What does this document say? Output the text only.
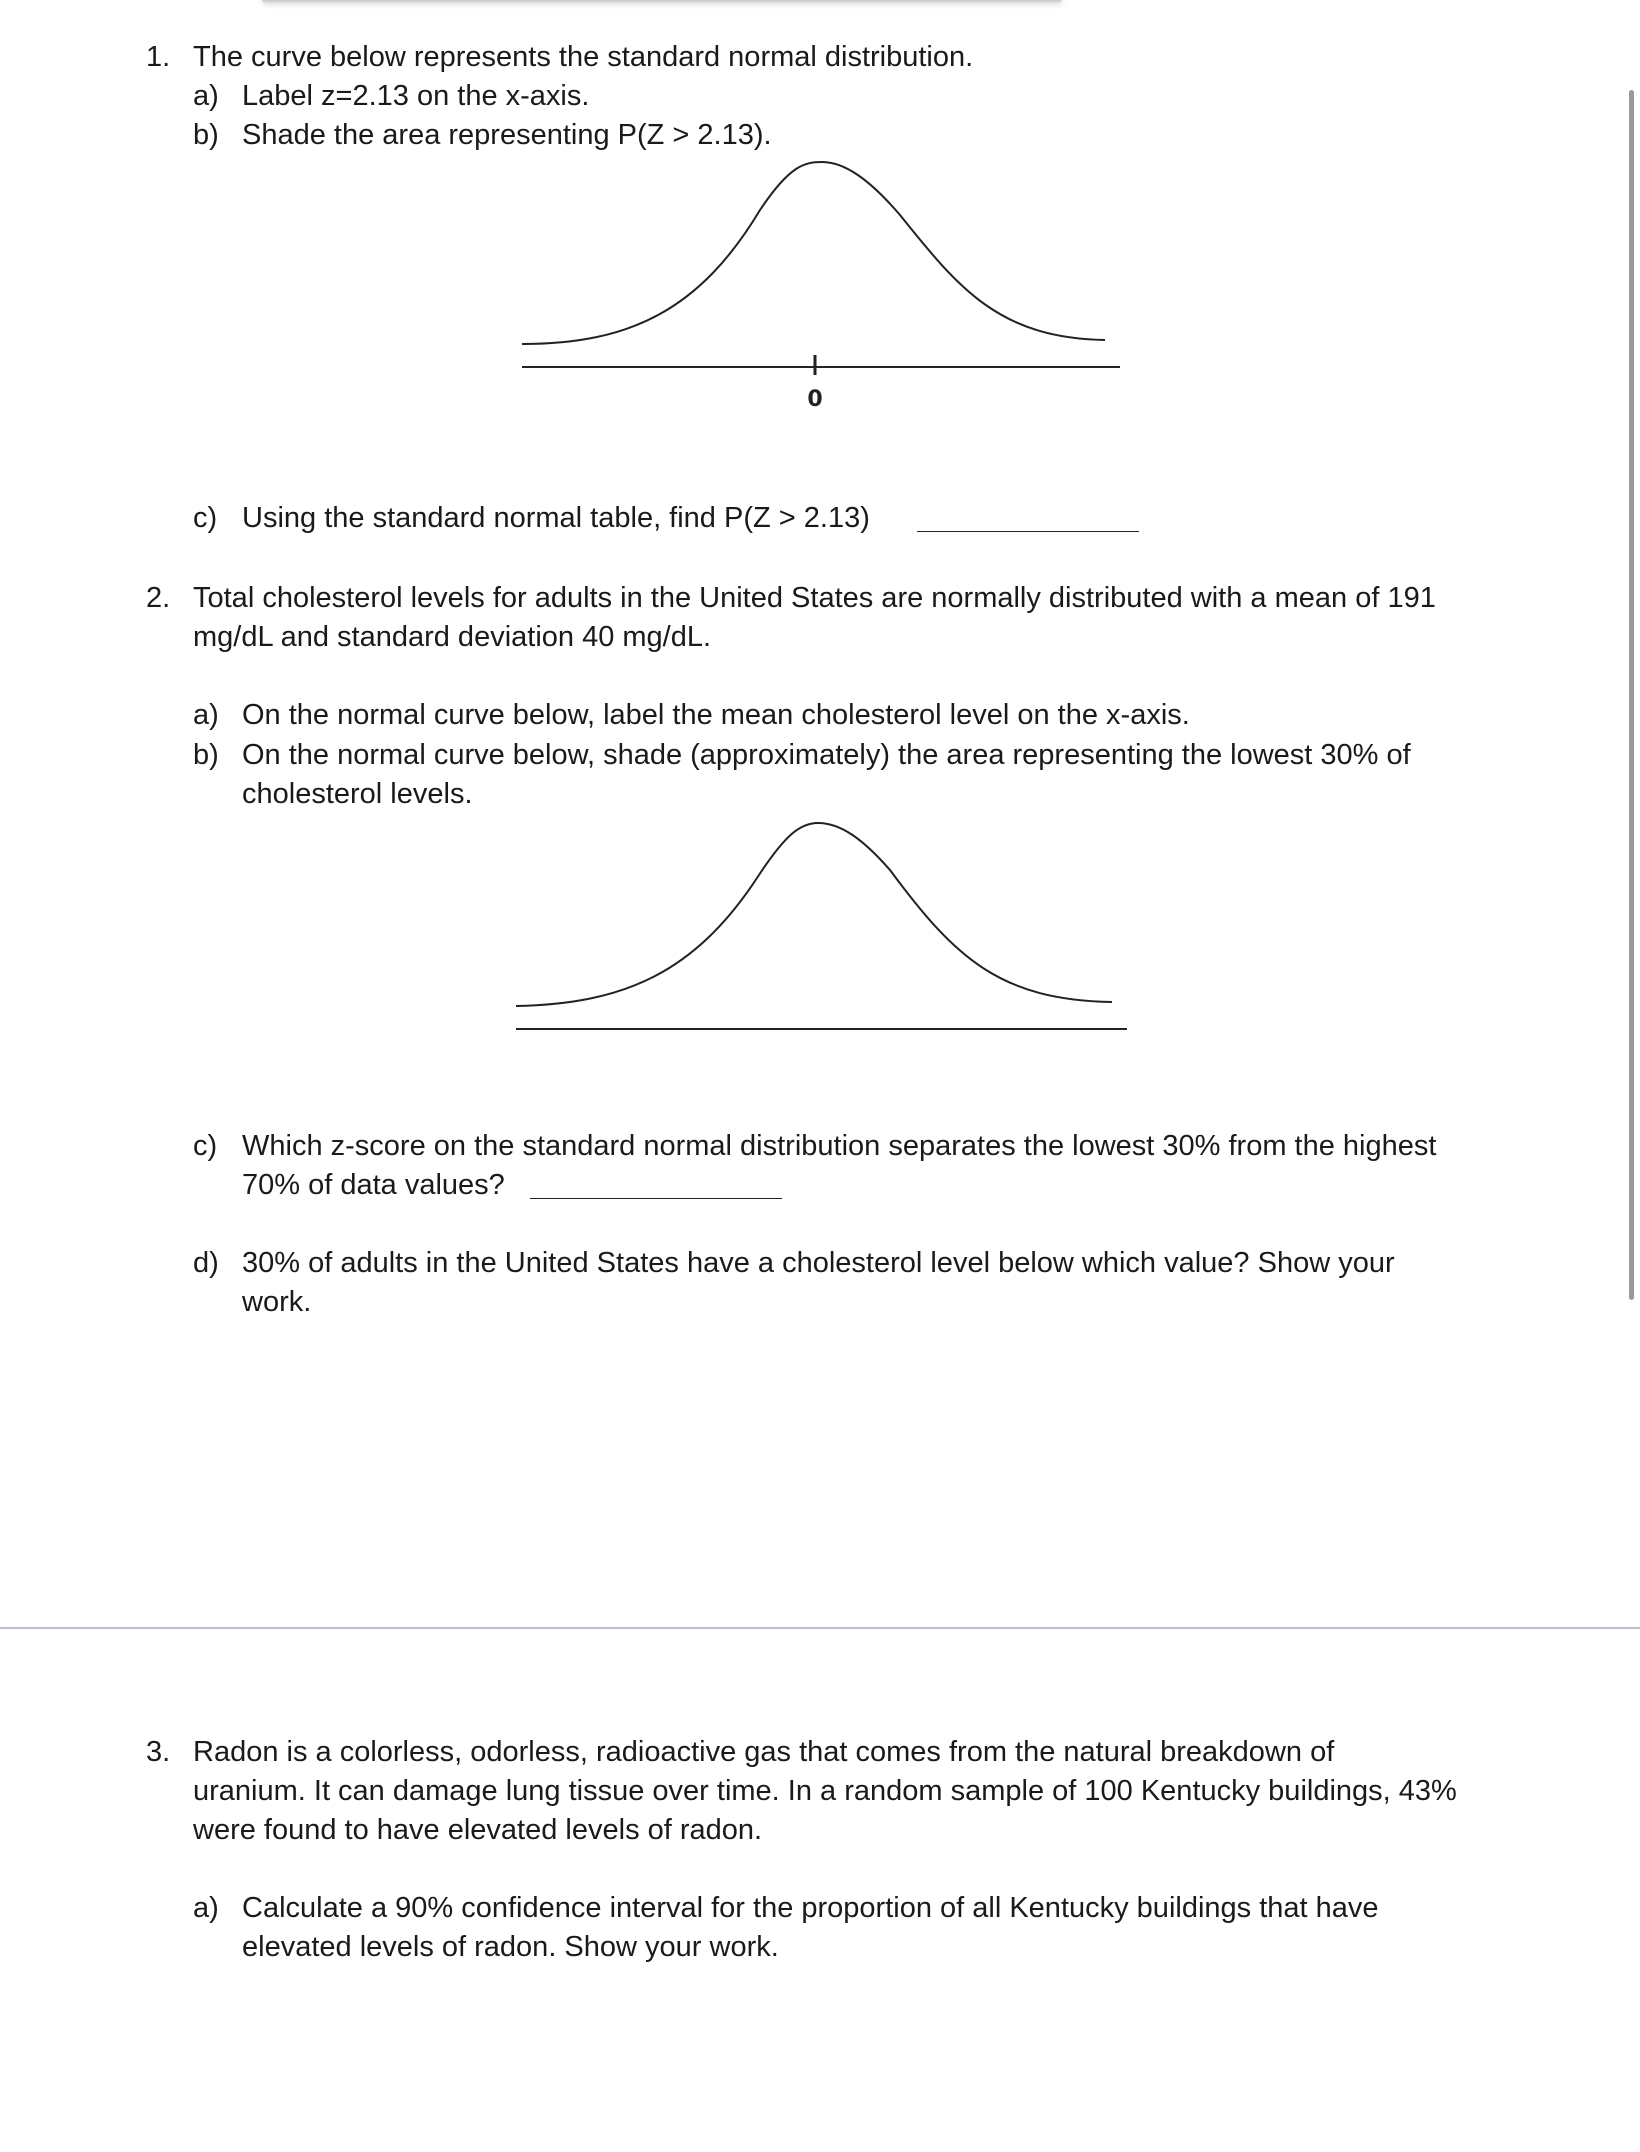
1. The curve below represents the standard normal distribution.
a) Label z=2.13 on the x-axis.
b) Shade the area representing P(Z > 2.13).
0
c) Using the standard normal table, find P(Z > 2.13)
2. Total cholesterol levels for adults in the United States are normally distributed with a mean of 191
mg/dL and standard deviation 40 mg/dL.
a) On the normal curve below, label the mean cholesterol level on the x-axis.
b) On the normal curve below, shade (approximately) the area representing the lowest 30% of
cholesterol levels.
c) Which z-score on the standard normal distribution separates the lowest 30% from the highest
70% of data values?
d) 30% of adults in the United States have a cholesterol level below which value? Show your
work.
3. Radon is a colorless, odorless, radioactive gas that comes from the natural breakdown of
uranium. It can damage lung tissue over time. In a random sample of 100 Kentucky buildings, 43%
were found to have elevated levels of radon.
a) Calculate a 90% confidence interval for the proportion of all Kentucky buildings that have
elevated levels of radon. Show your work.
